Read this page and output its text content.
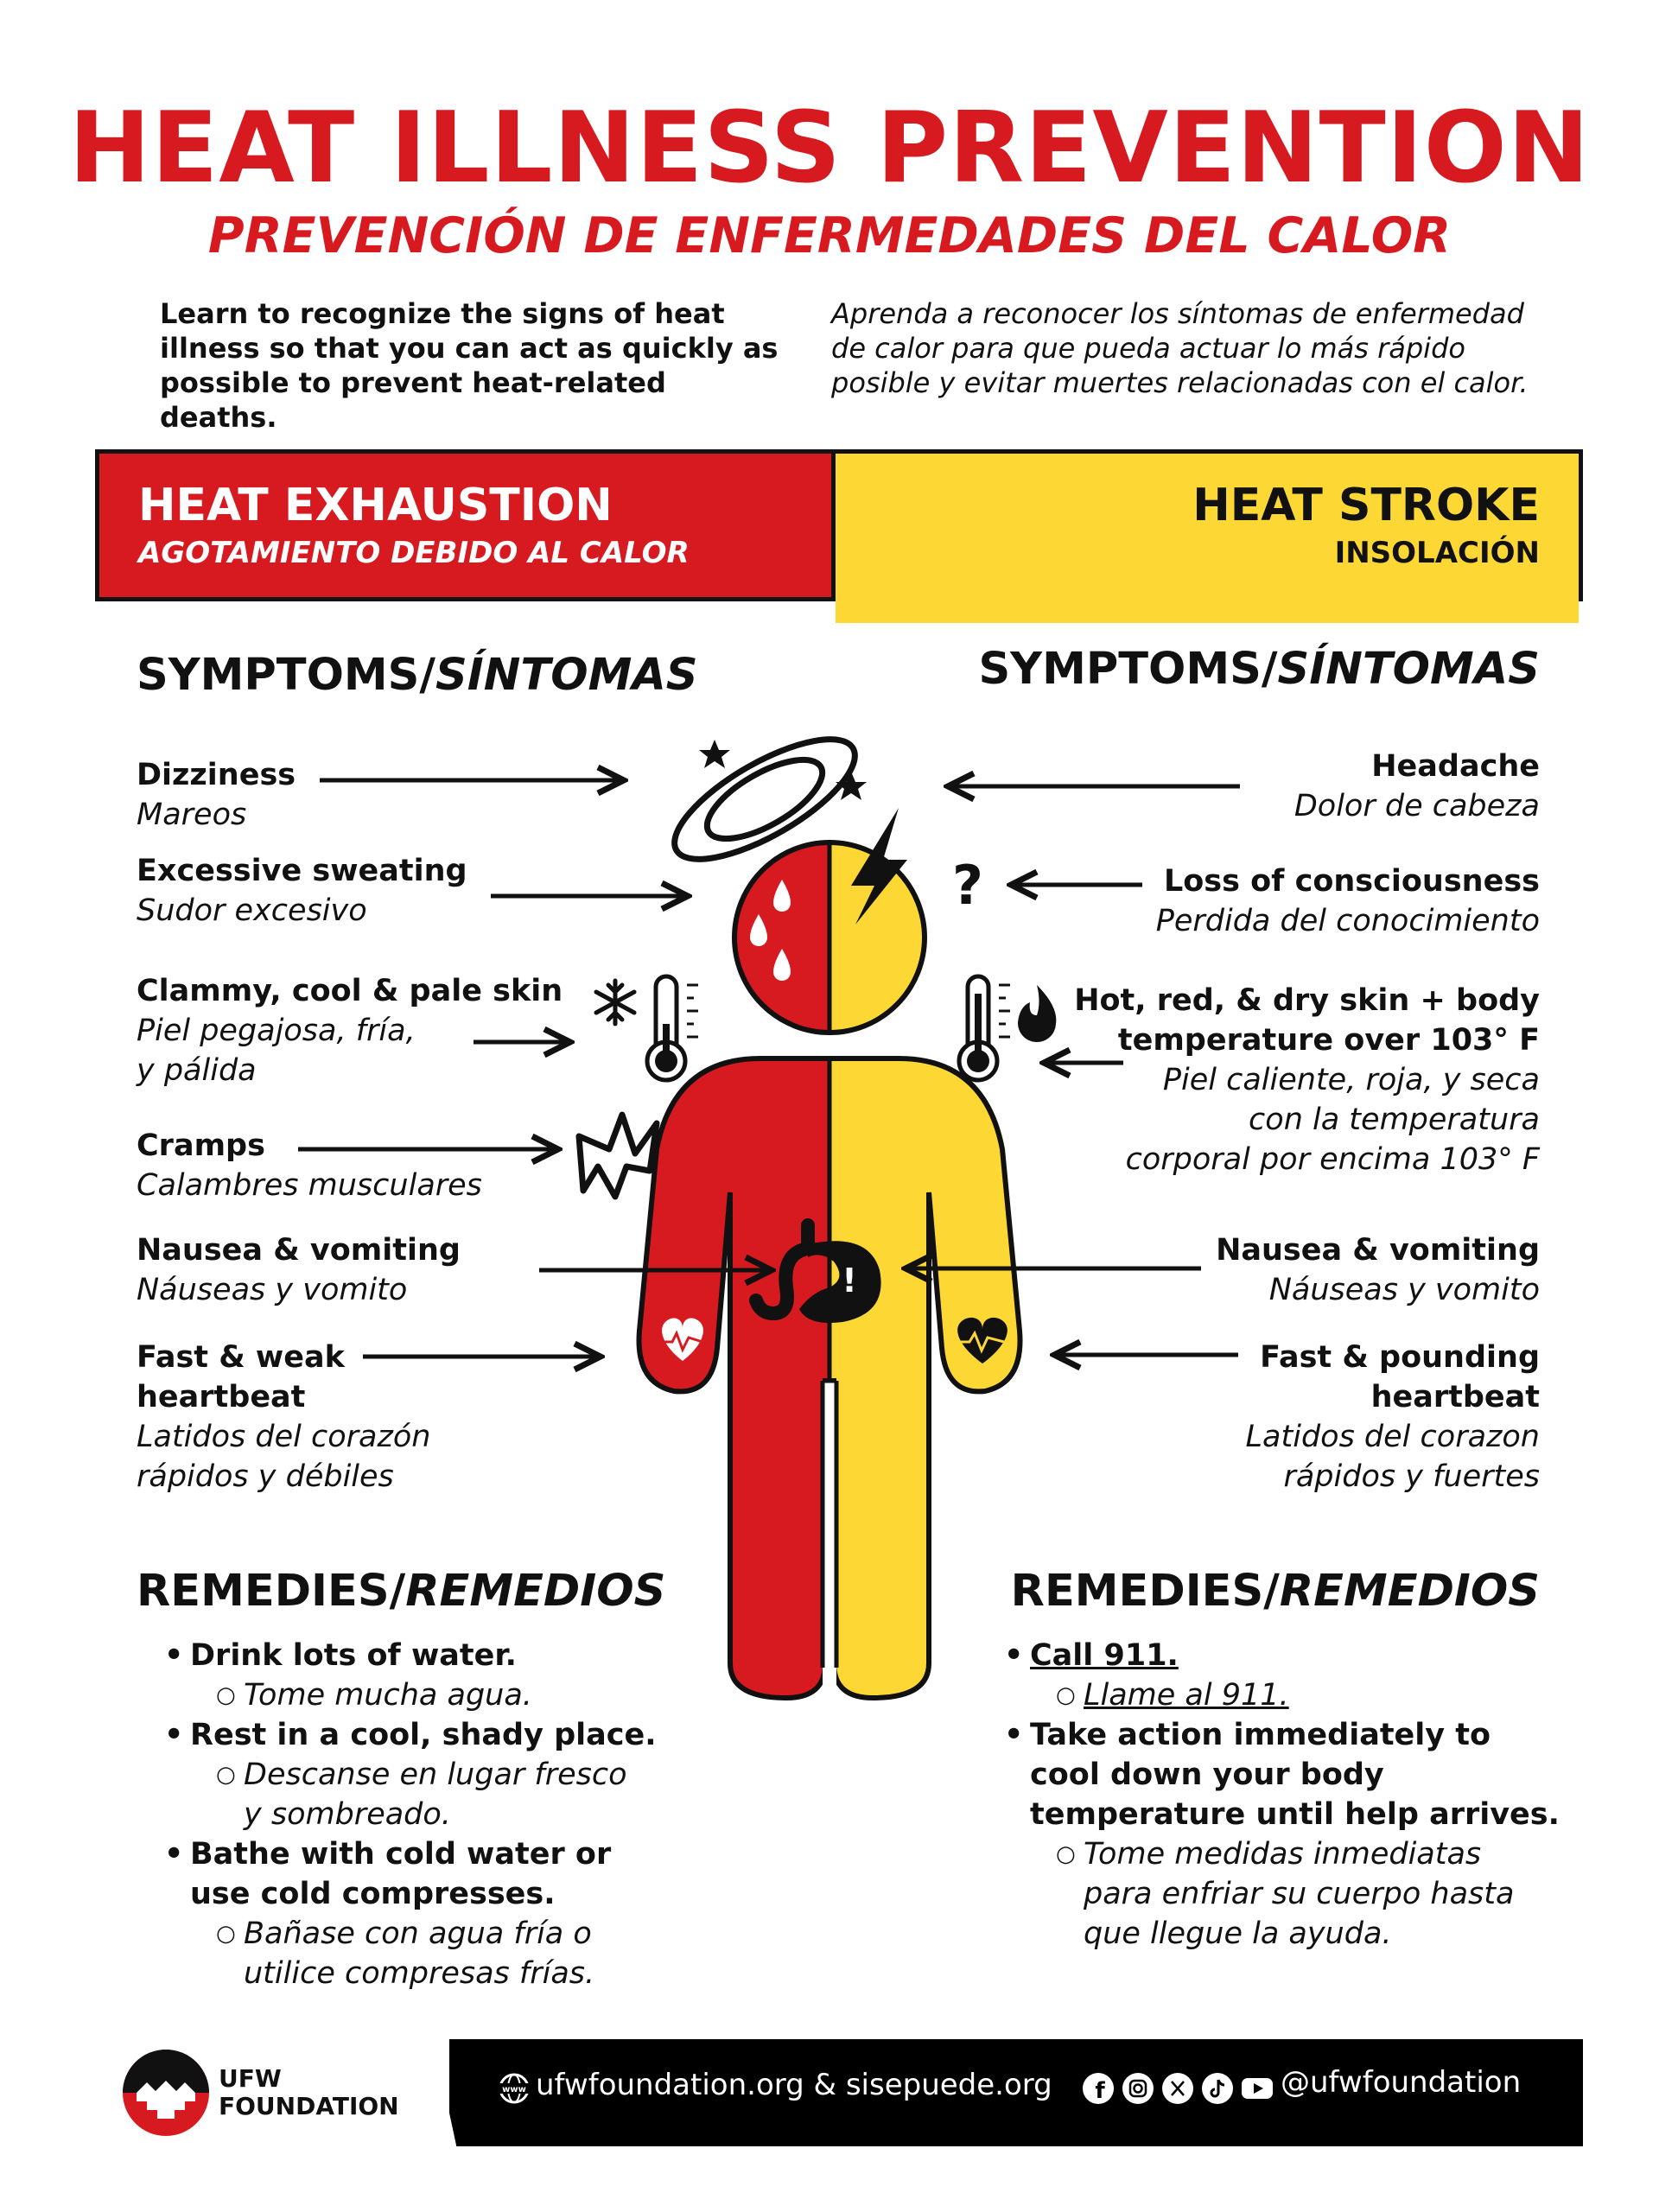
HEAT ILLNESS PREVENTION
PREVENCIÓN DE ENFERMEDADES DEL CALOR
Learn to recognize the signs of heat
illness so that you can act as quickly as
possible to prevent heat-related deaths.
Aprenda a reconocer los síntomas de enfermedad
de calor para que pueda actuar lo más rápido
posible y evitar muertes relacionadas con el calor.
HEAT EXHAUSTION
AGOTAMIENTO DEBIDO AL CALOR
HEAT STROKE
INSOLACIÓN
SYMPTOMS/SÍNTOMAS	SYMPTOMS/SÍNTOMAS
Dizziness
Mareos
Excessive sweating
Sudor excesivo
Clammy, cool & pale skin
Piel pegajosa, fría,
y pálida
Cramps
Calambres musculares
Nausea & vomiting
Náuseas y vomito
Fast & weak
heartbeat
Latidos del corazón
rápidos y débiles
Headache
Dolor de cabeza
Loss of consciousness
Perdida del conocimiento
Hot, red, & dry skin + body
temperature over 103° F
Piel caliente, roja, y seca
con la temperatura
corporal por encima 103° F
Nausea & vomiting
Náuseas y vomito
Fast & pounding
heartbeat
Latidos del corazon
rápidos y fuertes
?
!
REMEDIES/REMEDIOS	REMEDIES/REMEDIOS
• Drink lots of water.
○ Tome mucha agua.
• Rest in a cool, shady place.
○ Descanse en lugar fresco
y sombreado.
• Bathe with cold water or
use cold compresses.
○ Bañase con agua fría o
utilice compresas frías.
• Call 911.
○ Llame al 911.
• Take action immediately to
cool down your body
temperature until help arrives.
○ Tome medidas inmediatas
para enfriar su cuerpo hasta
que llegue la ayuda.
UFW
FOUNDATION
www ufwfoundation.org & sisepuede.org f	@ufwfoundation
